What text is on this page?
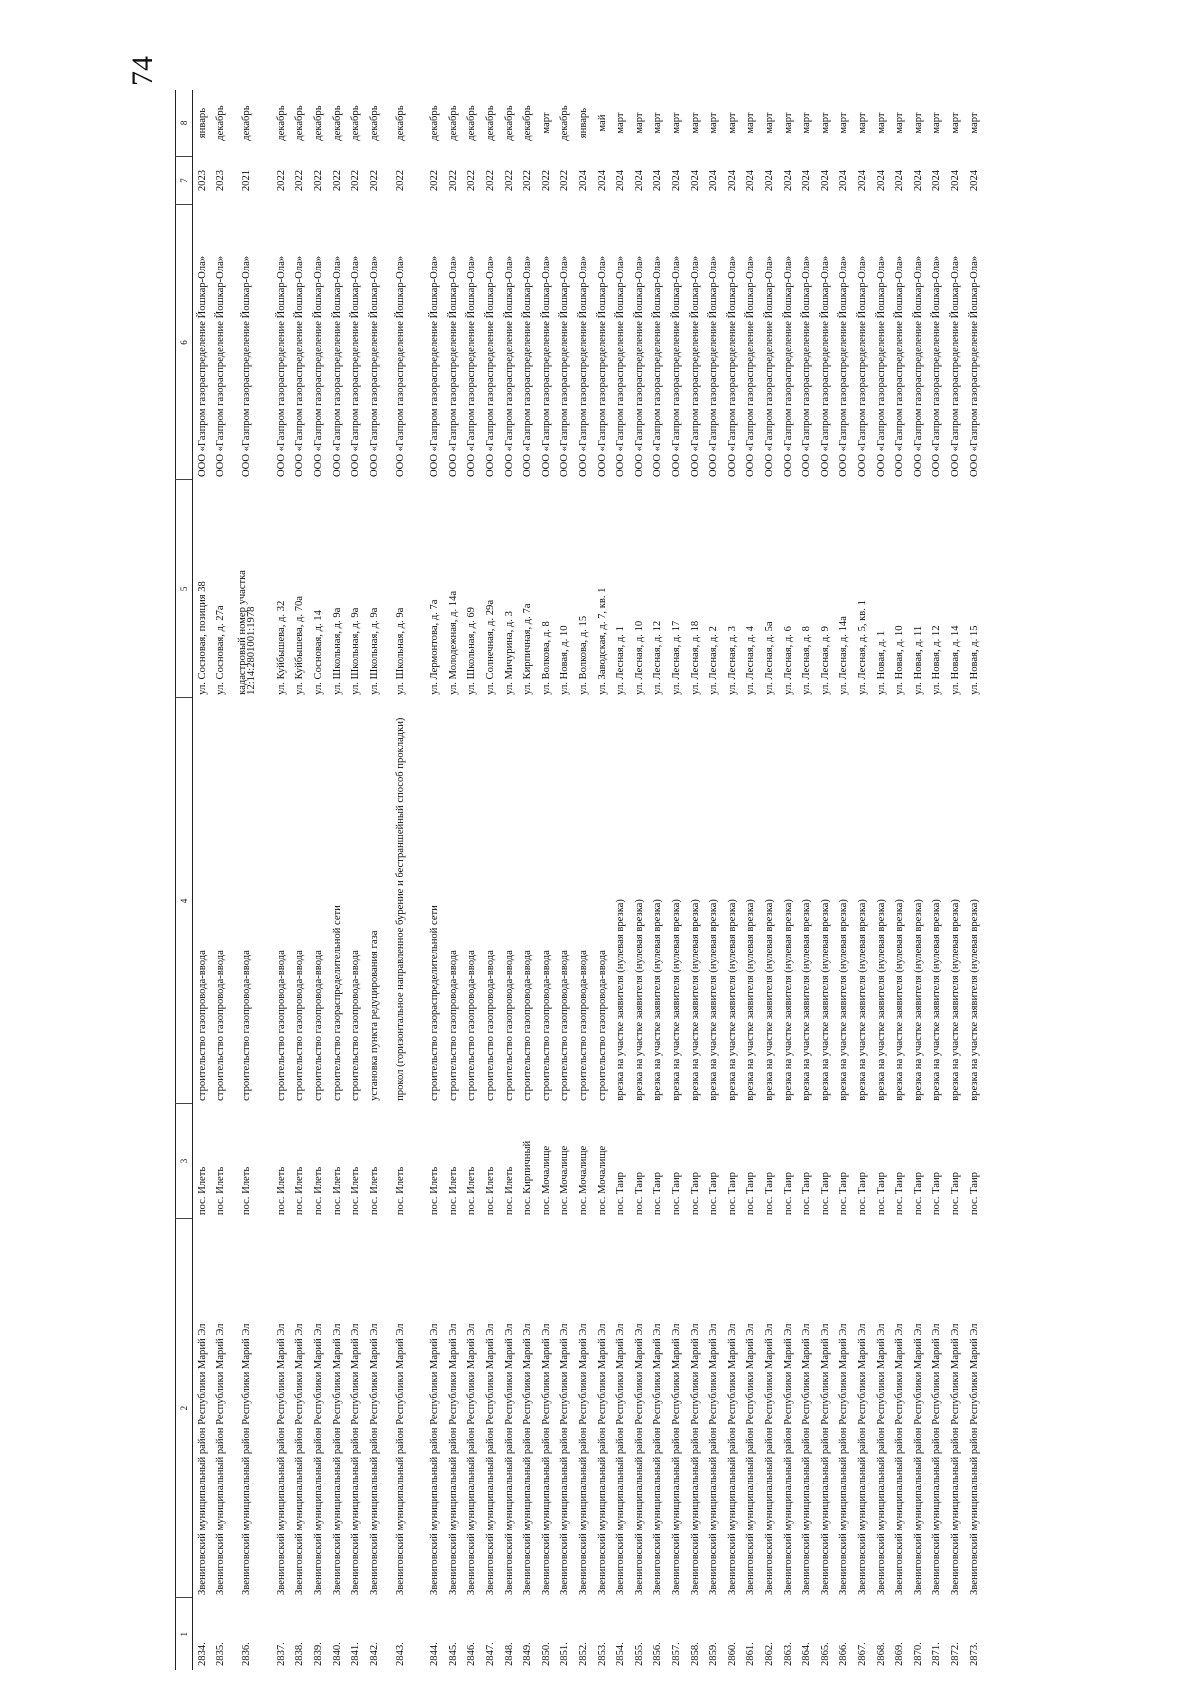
74
1	2	3	4	5	6	7	8
2834.	Звениговский муниципальный район Республики Марий Эл	пос. Илеть	строительство газопровода-ввода	ул. Сосновая, позиция 38	ООО «Газпром газораспределение Йошкар-Ола»	2023	январь
2835.	Звениговский муниципальный район Республики Марий Эл	пос. Илеть	строительство газопровода-ввода	ул. Сосновая, д. 27а	ООО «Газпром газораспределение Йошкар-Ола»	2023	декабрь
2836.	Звениговский муниципальный район Республики Марий Эл	пос. Илеть	строительство газопровода-ввода	кадастровый номер участка 12:14:2801001:1978	ООО «Газпром газораспределение Йошкар-Ола»	2021	декабрь
2837.	Звениговский муниципальный район Республики Марий Эл	пос. Илеть	строительство газопровода-ввода	ул. Куйбышева, д. 32	ООО «Газпром газораспределение Йошкар-Ола»	2022	декабрь
2838.	Звениговский муниципальный район Республики Марий Эл	пос. Илеть	строительство газопровода-ввода	ул. Куйбышева, д. 70а	ООО «Газпром газораспределение Йошкар-Ола»	2022	декабрь
2839.	Звениговский муниципальный район Республики Марий Эл	пос. Илеть	строительство газопровода-ввода	ул. Сосновая, д. 14	ООО «Газпром газораспределение Йошкар-Ола»	2022	декабрь
2840.	Звениговский муниципальный район Республики Марий Эл	пос. Илеть	строительство газораспределительной сети	ул. Школьная, д. 9а	ООО «Газпром газораспределение Йошкар-Ола»	2022	декабрь
2841.	Звениговский муниципальный район Республики Марий Эл	пос. Илеть	строительство газопровода-ввода	ул. Школьная, д. 9а	ООО «Газпром газораспределение Йошкар-Ола»	2022	декабрь
2842.	Звениговский муниципальный район Республики Марий Эл	пос. Илеть	установка пункта редуцирования газа	ул. Школьная, д. 9а	ООО «Газпром газораспределение Йошкар-Ола»	2022	декабрь
2843.	Звениговский муниципальный район Республики Марий Эл	пос. Илеть	прокол (горизонтальное направленное бурение и бестраншейный способ прокладки)	ул. Школьная, д. 9а	ООО «Газпром газораспределение Йошкар-Ола»	2022	декабрь
2844.	Звениговский муниципальный район Республики Марий Эл	пос. Илеть	строительство газораспределительной сети	ул. Лермонтова, д. 7а	ООО «Газпром газораспределение Йошкар-Ола»	2022	декабрь
2845.	Звениговский муниципальный район Республики Марий Эл	пос. Илеть	строительство газопровода-ввода	ул. Молодежная, д. 14а	ООО «Газпром газораспределение Йошкар-Ола»	2022	декабрь
2846.	Звениговский муниципальный район Республики Марий Эл	пос. Илеть	строительство газопровода-ввода	ул. Школьная, д. 69	ООО «Газпром газораспределение Йошкар-Ола»	2022	декабрь
2847.	Звениговский муниципальный район Республики Марий Эл	пос. Илеть	строительство газопровода-ввода	ул. Солнечная, д. 29а	ООО «Газпром газораспределение Йошкар-Ола»	2022	декабрь
2848.	Звениговский муниципальный район Республики Марий Эл	пос. Илеть	строительство газопровода-ввода	ул. Мичурина, д. 3	ООО «Газпром газораспределение Йошкар-Ола»	2022	декабрь
2849.	Звениговский муниципальный район Республики Марий Эл	пос. Кирпичный	строительство газопровода-ввода	ул. Кирпичная, д. 7а	ООО «Газпром газораспределение Йошкар-Ола»	2022	декабрь
2850.	Звениговский муниципальный район Республики Марий Эл	пос. Мочалище	строительство газопровода-ввода	ул. Волкова, д. 8	ООО «Газпром газораспределение Йошкар-Ола»	2022	март
2851.	Звениговский муниципальный район Республики Марий Эл	пос. Мочалище	строительство газопровода-ввода	ул. Новая, д. 10	ООО «Газпром газораспределение Йошкар-Ола»	2022	декабрь
2852.	Звениговский муниципальный район Республики Марий Эл	пос. Мочалище	строительство газопровода-ввода	ул. Волкова, д. 15	ООО «Газпром газораспределение Йошкар-Ола»	2024	январь
2853.	Звениговский муниципальный район Республики Марий Эл	пос. Мочалище	строительство газопровода-ввода	ул. Заводская, д. 7, кв. 1	ООО «Газпром газораспределение Йошкар-Ола»	2024	май
2854.	Звениговский муниципальный район Республики Марий Эл	пос. Таир	врезка на участке заявителя (нулевая врезка)	ул. Лесная, д. 1	ООО «Газпром газораспределение Йошкар-Ола»	2024	март
2855.	Звениговский муниципальный район Республики Марий Эл	пос. Таир	врезка на участке заявителя (нулевая врезка)	ул. Лесная, д. 10	ООО «Газпром газораспределение Йошкар-Ола»	2024	март
2856.	Звениговский муниципальный район Республики Марий Эл	пос. Таир	врезка на участке заявителя (нулевая врезка)	ул. Лесная, д. 12	ООО «Газпром газораспределение Йошкар-Ола»	2024	март
2857.	Звениговский муниципальный район Республики Марий Эл	пос. Таир	врезка на участке заявителя (нулевая врезка)	ул. Лесная, д. 17	ООО «Газпром газораспределение Йошкар-Ола»	2024	март
2858.	Звениговский муниципальный район Республики Марий Эл	пос. Таир	врезка на участке заявителя (нулевая врезка)	ул. Лесная, д. 18	ООО «Газпром газораспределение Йошкар-Ола»	2024	март
2859.	Звениговский муниципальный район Республики Марий Эл	пос. Таир	врезка на участке заявителя (нулевая врезка)	ул. Лесная, д. 2	ООО «Газпром газораспределение Йошкар-Ола»	2024	март
2860.	Звениговский муниципальный район Республики Марий Эл	пос. Таир	врезка на участке заявителя (нулевая врезка)	ул. Лесная, д. 3	ООО «Газпром газораспределение Йошкар-Ола»	2024	март
2861.	Звениговский муниципальный район Республики Марий Эл	пос. Таир	врезка на участке заявителя (нулевая врезка)	ул. Лесная, д. 4	ООО «Газпром газораспределение Йошкар-Ола»	2024	март
2862.	Звениговский муниципальный район Республики Марий Эл	пос. Таир	врезка на участке заявителя (нулевая врезка)	ул. Лесная, д. 5а	ООО «Газпром газораспределение Йошкар-Ола»	2024	март
2863.	Звениговский муниципальный район Республики Марий Эл	пос. Таир	врезка на участке заявителя (нулевая врезка)	ул. Лесная, д. 6	ООО «Газпром газораспределение Йошкар-Ола»	2024	март
2864.	Звениговский муниципальный район Республики Марий Эл	пос. Таир	врезка на участке заявителя (нулевая врезка)	ул. Лесная, д. 8	ООО «Газпром газораспределение Йошкар-Ола»	2024	март
2865.	Звениговский муниципальный район Республики Марий Эл	пос. Таир	врезка на участке заявителя (нулевая врезка)	ул. Лесная, д. 9	ООО «Газпром газораспределение Йошкар-Ола»	2024	март
2866.	Звениговский муниципальный район Республики Марий Эл	пос. Таир	врезка на участке заявителя (нулевая врезка)	ул. Лесная, д. 14а	ООО «Газпром газораспределение Йошкар-Ола»	2024	март
2867.	Звениговский муниципальный район Республики Марий Эл	пос. Таир	врезка на участке заявителя (нулевая врезка)	ул. Лесная, д. 5, кв. 1	ООО «Газпром газораспределение Йошкар-Ола»	2024	март
2868.	Звениговский муниципальный район Республики Марий Эл	пос. Таир	врезка на участке заявителя (нулевая врезка)	ул. Новая, д. 1	ООО «Газпром газораспределение Йошкар-Ола»	2024	март
2869.	Звениговский муниципальный район Республики Марий Эл	пос. Таир	врезка на участке заявителя (нулевая врезка)	ул. Новая, д. 10	ООО «Газпром газораспределение Йошкар-Ола»	2024	март
2870.	Звениговский муниципальный район Республики Марий Эл	пос. Таир	врезка на участке заявителя (нулевая врезка)	ул. Новая, д. 11	ООО «Газпром газораспределение Йошкар-Ола»	2024	март
2871.	Звениговский муниципальный район Республики Марий Эл	пос. Таир	врезка на участке заявителя (нулевая врезка)	ул. Новая, д. 12	ООО «Газпром газораспределение Йошкар-Ола»	2024	март
2872.	Звениговский муниципальный район Республики Марий Эл	пос. Таир	врезка на участке заявителя (нулевая врезка)	ул. Новая, д. 14	ООО «Газпром газораспределение Йошкар-Ола»	2024	март
2873.	Звениговский муниципальный район Республики Марий Эл	пос. Таир	врезка на участке заявителя (нулевая врезка)	ул. Новая, д. 15	ООО «Газпром газораспределение Йошкар-Ола»	2024	март
